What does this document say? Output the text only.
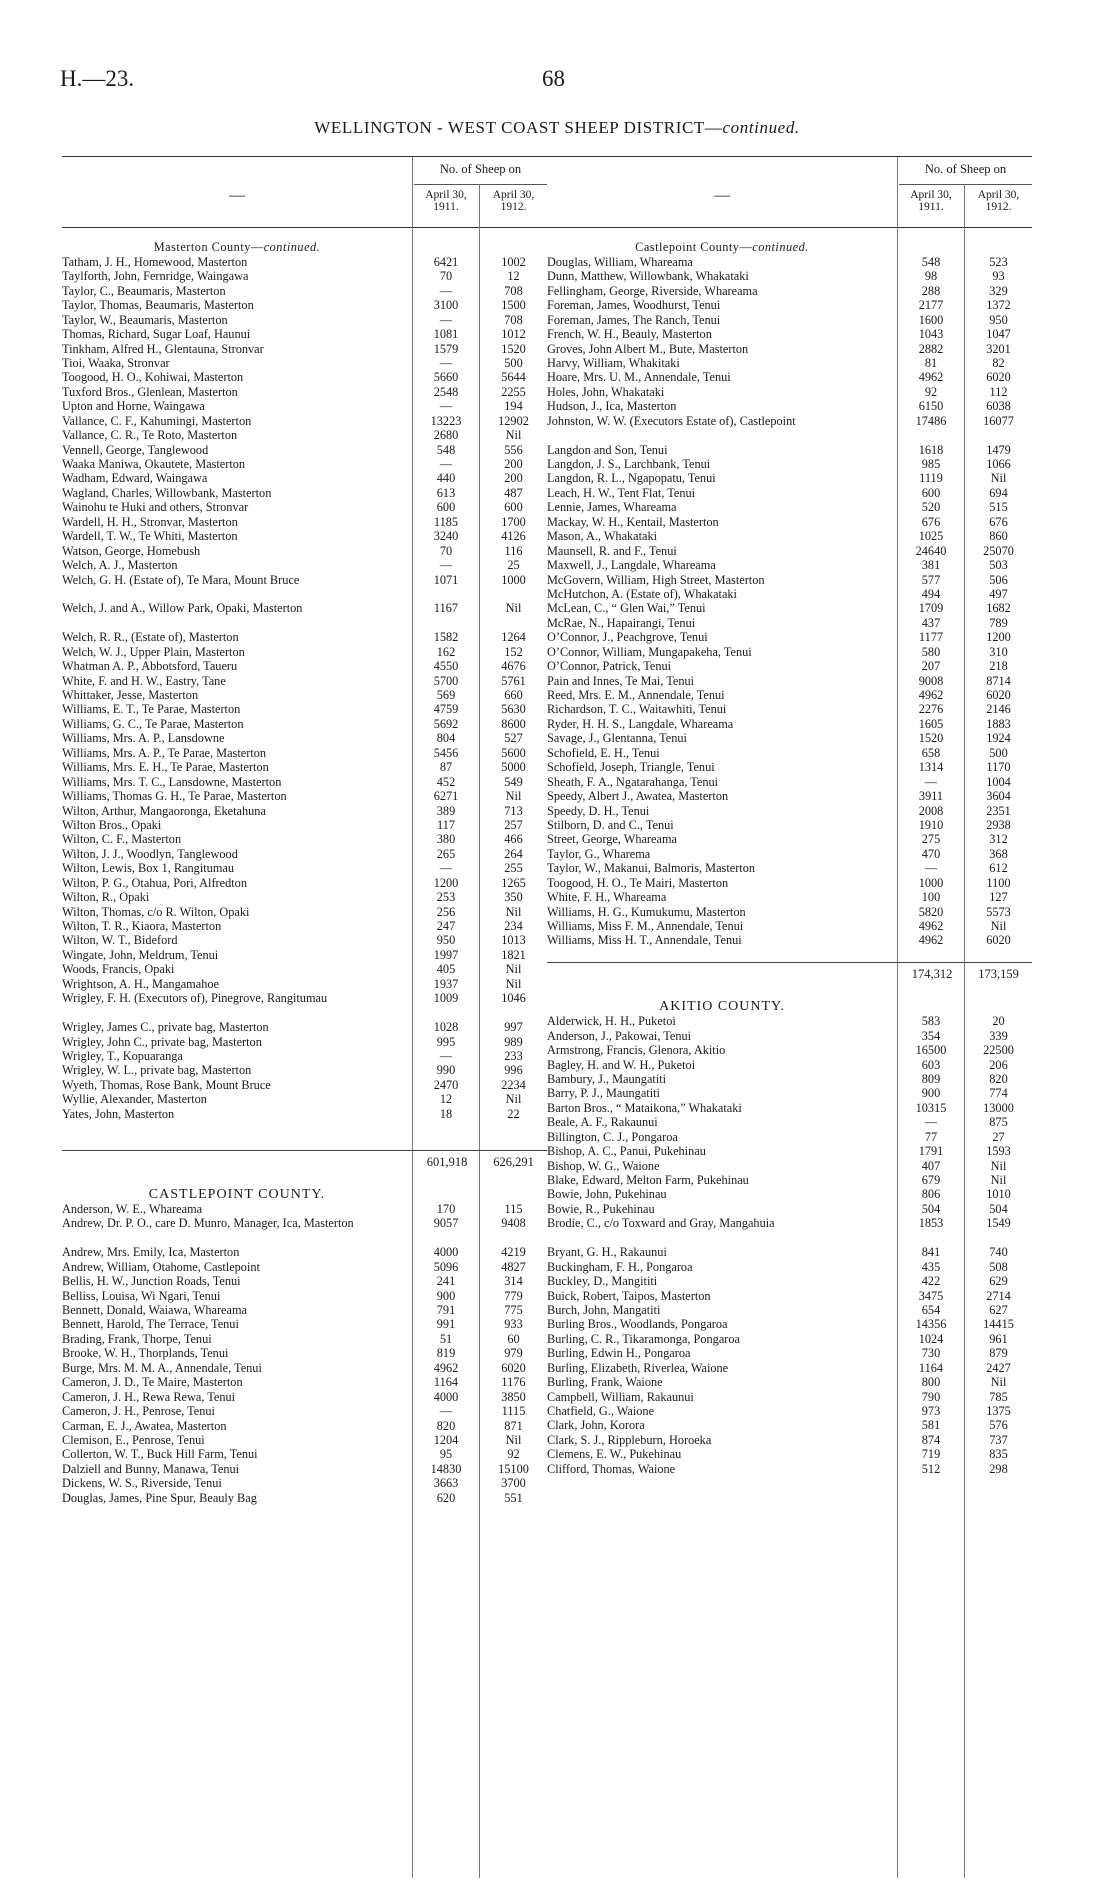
H.—23.	68
WELLINGTON - WEST COAST SHEEP DISTRICT—continued.
—
No. of Sheep on
April 30, 1911.
April 30, 1912.
Masterton County—continued.
Tatham, J. H., Homewood, Masterton	6421	1002
Taylforth, John, Fernridge, Waingawa	70	12
Taylor, C., Beaumaris, Masterton	—	708
Taylor, Thomas, Beaumaris, Masterton	3100	1500
Taylor, W., Beaumaris, Masterton	—	708
Thomas, Richard, Sugar Loaf, Haunui	1081	1012
Tinkham, Alfred H., Glentauna, Stronvar	1579	1520
Tioi, Waaka, Stronvar	—	500
Toogood, H. O., Kohiwai, Masterton	5660	5644
Tuxford Bros., Glenlean, Masterton	2548	2255
Upton and Horne, Waingawa	—	194
Vallance, C. F., Kahumingi, Masterton	13223	12902
Vallance, C. R., Te Roto, Masterton	2680	Nil
Vennell, George, Tanglewood	548	556
Waaka Maniwa, Okautete, Masterton	—	200
Wadham, Edward, Waingawa	440	200
Wagland, Charles, Willowbank, Masterton	613	487
Wainohu te Huki and others, Stronvar	600	600
Wardell, H. H., Stronvar, Masterton	1185	1700
Wardell, T. W., Te Whiti, Masterton	3240	4126
Watson, George, Homebush	70	116
Welch, A. J., Masterton	—	25
Welch, G. H. (Estate of), Te Mara, Mount Bruce	1071	1000
Welch, J. and A., Willow Park, Opaki, Masterton	1167	Nil
Welch, R. R., (Estate of), Masterton	1582	1264
Welch, W. J., Upper Plain, Masterton	162	152
Whatman A. P., Abbotsford, Taueru	4550	4676
White, F. and H. W., Eastry, Tane	5700	5761
Whittaker, Jesse, Masterton	569	660
Williams, E. T., Te Parae, Masterton	4759	5630
Williams, G. C., Te Parae, Masterton	5692	8600
Williams, Mrs. A. P., Lansdowne	804	527
Williams, Mrs. A. P., Te Parae, Masterton	5456	5600
Williams, Mrs. E. H., Te Parae, Masterton	87	5000
Williams, Mrs. T. C., Lansdowne, Masterton	452	549
Williams, Thomas G. H., Te Parae, Masterton	6271	Nil
Wilton, Arthur, Mangaoronga, Eketahuna	389	713
Wilton Bros., Opaki	117	257
Wilton, C. F., Masterton	380	466
Wilton, J. J., Woodlyn, Tanglewood	265	264
Wilton, Lewis, Box 1, Rangitumau	—	255
Wilton, P. G., Otahua, Pori, Alfredton	1200	1265
Wilton, R., Opaki	253	350
Wilton, Thomas, c/o R. Wilton, Opaki	256	Nil
Wilton, T. R., Kiaora, Masterton	247	234
Wilton, W. T., Bideford	950	1013
Wingate, John, Meldrum, Tenui	1997	1821
Woods, Francis, Opaki	405	Nil
Wrightson, A. H., Mangamahoe	1937	Nil
Wrigley, F. H. (Executors of), Pinegrove, Rangitumau	1009	1046
Wrigley, James C., private bag, Masterton	1028	997
Wrigley, John C., private bag, Masterton	995	989
Wrigley, T., Kopuaranga	—	233
Wrigley, W. L., private bag, Masterton	990	996
Wyeth, Thomas, Rose Bank, Mount Bruce	2470	2234
Wyllie, Alexander, Masterton	12	Nil
Yates, John, Masterton	18	22
601,918	626,291
CASTLEPOINT COUNTY.
Anderson, W. E., Whareama	170	115
Andrew, Dr. P. O., care D. Munro, Manager, Ica, Masterton	9057	9408
Andrew, Mrs. Emily, Ica, Masterton	4000	4219
Andrew, William, Otahome, Castlepoint	5096	4827
Bellis, H. W., Junction Roads, Tenui	241	314
Belliss, Louisa, Wi Ngari, Tenui	900	779
Bennett, Donald, Waiawa, Whareama	791	775
Bennett, Harold, The Terrace, Tenui	991	933
Brading, Frank, Thorpe, Tenui	51	60
Brooke, W. H., Thorplands, Tenui	819	979
Burge, Mrs. M. M. A., Annendale, Tenui	4962	6020
Cameron, J. D., Te Maire, Masterton	1164	1176
Cameron, J. H., Rewa Rewa, Tenui	4000	3850
Cameron, J. H., Penrose, Tenui	—	1115
Carman, E. J., Awatea, Masterton	820	871
Clemison, E., Penrose, Tenui	1204	Nil
Collerton, W. T., Buck Hill Farm, Tenui	95	92
Dalziell and Bunny, Manawa, Tenui	14830	15100
Dickens, W. S., Riverside, Tenui	3663	3700
Douglas, James, Pine Spur, Beauly Bag	620	551
—
No. of Sheep on
April 30, 1911.
April 30, 1912.
Castlepoint County—continued.
Douglas, William, Whareama	548	523
Dunn, Matthew, Willowbank, Whakataki	98	93
Fellingham, George, Riverside, Whareama	288	329
Foreman, James, Woodhurst, Tenui	2177	1372
Foreman, James, The Ranch, Tenui	1600	950
French, W. H., Beauly, Masterton	1043	1047
Groves, John Albert M., Bute, Masterton	2882	3201
Harvy, William, Whakitaki	81	82
Hoare, Mrs. U. M., Annendale, Tenui	4962	6020
Holes, John, Whakataki	92	112
Hudson, J., Ica, Masterton	6150	6038
Johnston, W. W. (Executors Estate of), Castlepoint	17486	16077
Langdon and Son, Tenui	1618	1479
Langdon, J. S., Larchbank, Tenui	985	1066
Langdon, R. L., Ngapopatu, Tenui	1119	Nil
Leach, H. W., Tent Flat, Tenui	600	694
Lennie, James, Whareama	520	515
Mackay, W. H., Kentail, Masterton	676	676
Mason, A., Whakataki	1025	860
Maunsell, R. and F., Tenui	24640	25070
Maxwell, J., Langdale, Whareama	381	503
McGovern, William, High Street, Masterton	577	506
McHutchon, A. (Estate of), Whakataki	494	497
McLean, C., “ Glen Wai,” Tenui	1709	1682
McRae, N., Hapairangi, Tenui	437	789
O’Connor, J., Peachgrove, Tenui	1177	1200
O’Connor, William, Mungapakeha, Tenui	580	310
O’Connor, Patrick, Tenui	207	218
Pain and Innes, Te Mai, Tenui	9008	8714
Reed, Mrs. E. M., Annendale, Tenui	4962	6020
Richardson, T. C., Waitawhiti, Tenui	2276	2146
Ryder, H. H. S., Langdale, Whareama	1605	1883
Savage, J., Glentanna, Tenui	1520	1924
Schofield, E. H., Tenui	658	500
Schofield, Joseph, Triangle, Tenui	1314	1170
Sheath, F. A., Ngatarahanga, Tenui	—	1004
Speedy, Albert J., Awatea, Masterton	3911	3604
Speedy, D. H., Tenui	2008	2351
Stilborn, D. and C., Tenui	1910	2938
Street, George, Whareama	275	312
Taylor, G., Wharema	470	368
Taylor, W., Makanui, Balmoris, Masterton	—	612
Toogood, H. O., Te Mairi, Masterton	1000	1100
White, F. H., Whareama	100	127
Williams, H. G., Kumukumu, Masterton	5820	5573
Williams, Miss F. M., Annendale, Tenui	4962	Nil
Williams, Miss H. T., Annendale, Tenui	4962	6020
174,312	173,159
AKITIO COUNTY.
Alderwick, H. H., Puketoi	583	20
Anderson, J., Pakowai, Tenui	354	339
Armstrong, Francis, Glenora, Akitio	16500	22500
Bagley, H. and W. H., Puketoi	603	206
Bambury, J., Maungatiti	809	820
Barry, P. J., Maungatiti	900	774
Barton Bros., “ Mataikona,” Whakataki	10315	13000
Beale, A. F., Rakaunui	—	875
Billington, C. J., Pongaroa	77	27
Bishop, A. C., Panui, Pukehinau	1791	1593
Bishop, W. G., Waione	407	Nil
Blake, Edward, Melton Farm, Pukehinau	679	Nil
Bowie, John, Pukehinau	806	1010
Bowie, R., Pukehinau	504	504
Brodie, C., c/o Toxward and Gray, Mangahuia	1853	1549
Bryant, G. H., Rakaunui	841	740
Buckingham, F. H., Pongaroa	435	508
Buckley, D., Mangititi	422	629
Buick, Robert, Taipos, Masterton	3475	2714
Burch, John, Mangatiti	654	627
Burling Bros., Woodlands, Pongaroa	14356	14415
Burling, C. R., Tikaramonga, Pongaroa	1024	961
Burling, Edwin H., Pongaroa	730	879
Burling, Elizabeth, Riverlea, Waione	1164	2427
Burling, Frank, Waione	800	Nil
Campbell, William, Rakaunui	790	785
Chatfield, G., Waione	973	1375
Clark, John, Korora	581	576
Clark, S. J., Rippleburn, Horoeka	874	737
Clemens, E. W., Pukehinau	719	835
Clifford, Thomas, Waione	512	298
